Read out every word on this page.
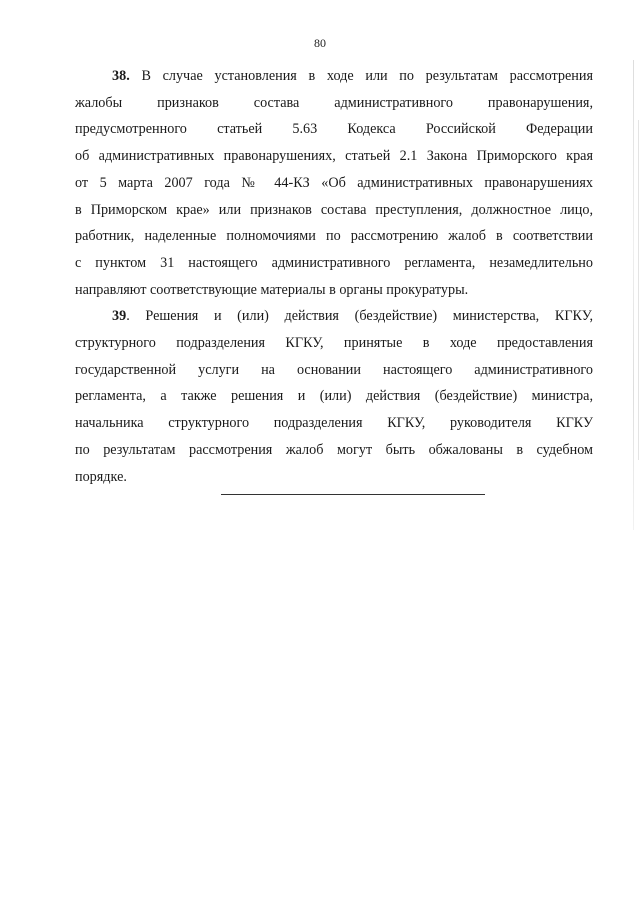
80
38. В случае установления в ходе или по результатам рассмотрения
жалобы признаков состава административного правонарушения,
предусмотренного статьей 5.63 Кодекса Российской Федерации
об административных правонарушениях, статьей 2.1 Закона Приморского края
от 5 марта 2007 года № 44-КЗ «Об административных правонарушениях
в Приморском крае» или признаков состава преступления, должностное лицо,
работник, наделенные полномочиями по рассмотрению жалоб в соответствии
с пунктом 31 настоящего административного регламента, незамедлительно
направляют соответствующие материалы в органы прокуратуры.
39. Решения и (или) действия (бездействие) министерства, КГКУ,
структурного подразделения КГКУ, принятые в ходе предоставления
государственной услуги на основании настоящего административного
регламента, а также решения и (или) действия (бездействие) министра,
начальника структурного подразделения КГКУ, руководителя КГКУ
по результатам рассмотрения жалоб могут быть обжалованы в судебном
порядке.
